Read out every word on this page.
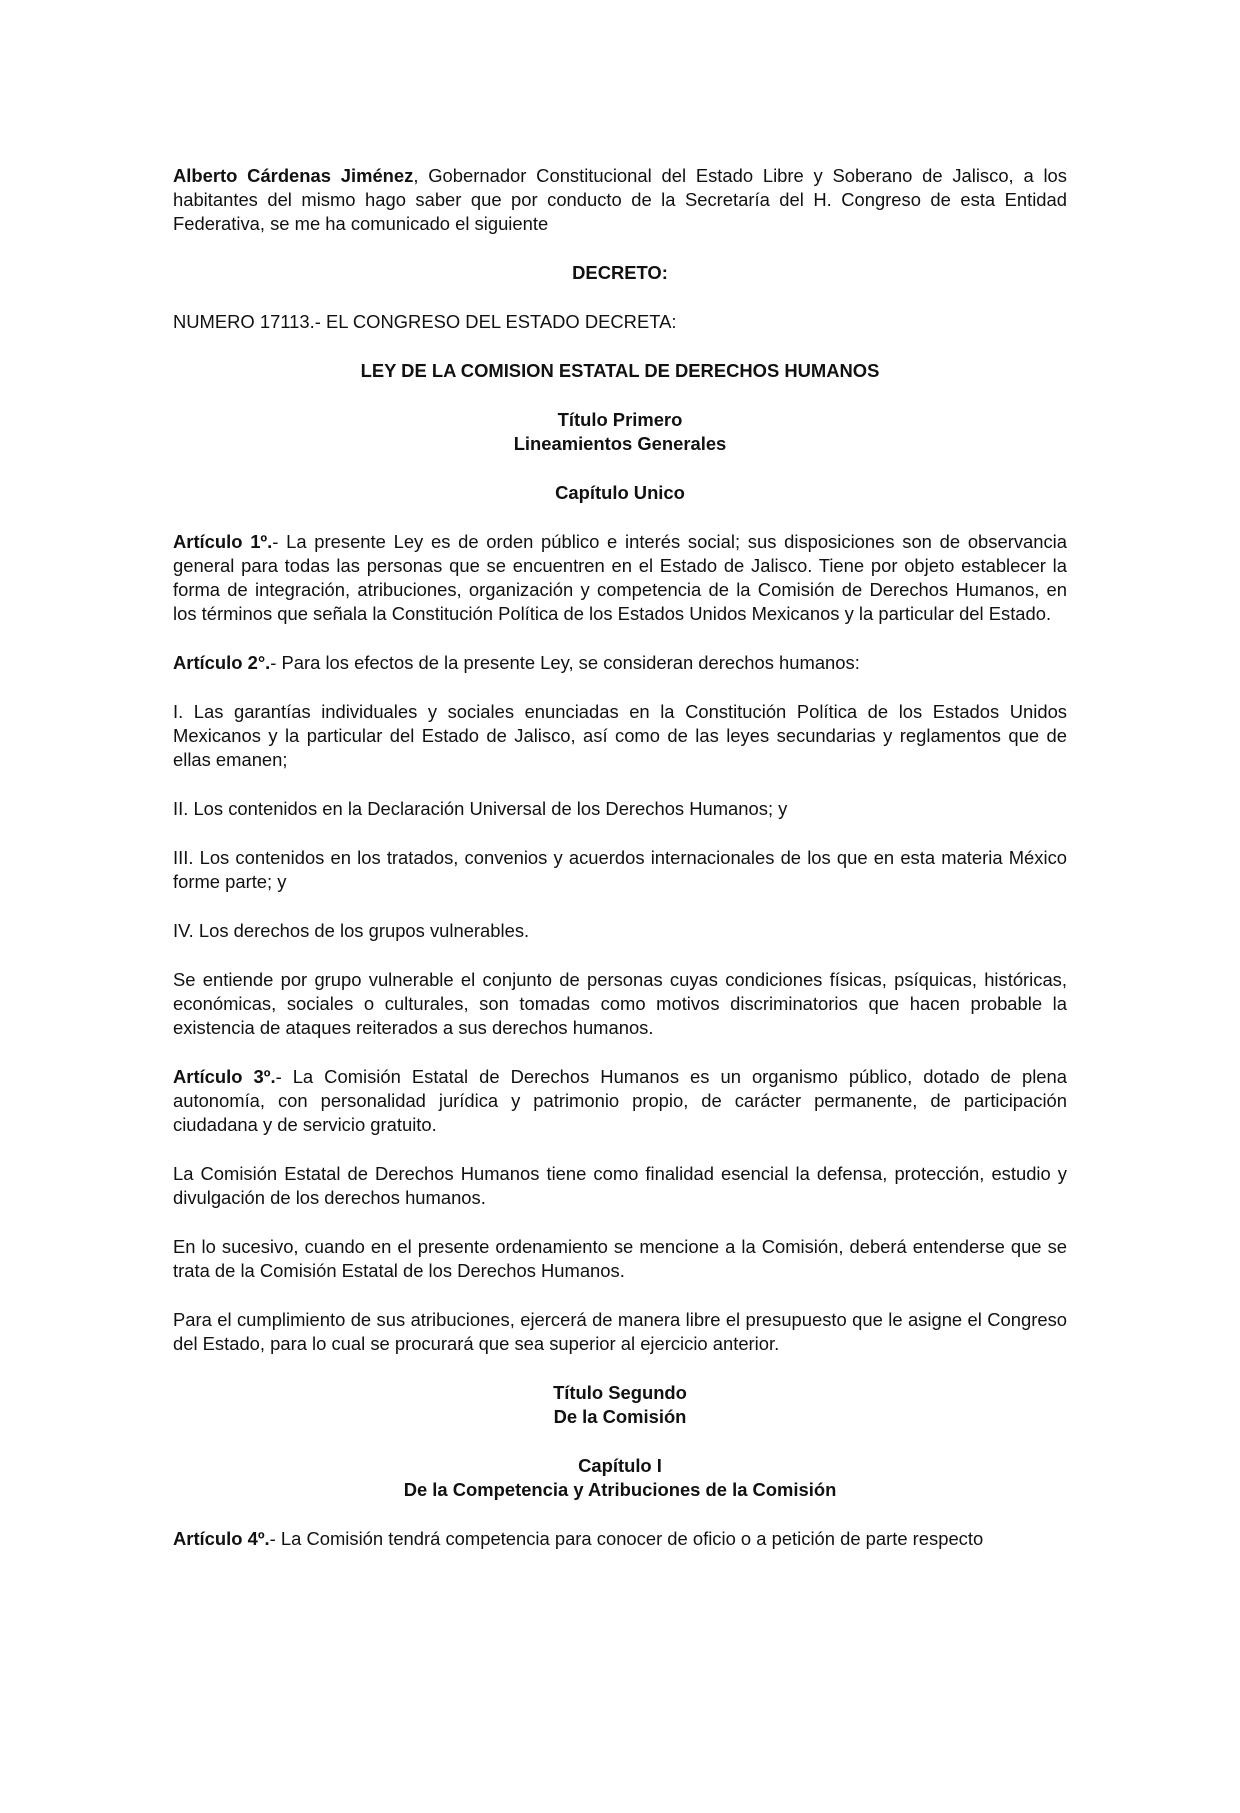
Alberto Cárdenas Jiménez, Gobernador Constitucional del Estado Libre y Soberano de Jalisco, a los habitantes del mismo hago saber que por conducto de la Secretaría del H. Congreso de esta Entidad Federativa, se me ha comunicado el siguiente

DECRETO:

NUMERO 17113.- EL CONGRESO DEL ESTADO DECRETA:

LEY DE LA COMISION ESTATAL DE DERECHOS HUMANOS

Título Primero
Lineamientos Generales

Capítulo Unico

Artículo 1º.- La presente Ley es de orden público e interés social; sus disposiciones son de observancia general para todas las personas que se encuentren en el Estado de Jalisco. Tiene por objeto establecer la forma de integración, atribuciones, organización y competencia de la Comisión de Derechos Humanos, en los términos que señala la Constitución Política de los Estados Unidos Mexicanos y la particular del Estado.

Artículo 2°.- Para los efectos de la presente Ley, se consideran derechos humanos:

I. Las garantías individuales y sociales enunciadas en la Constitución Política de los Estados Unidos Mexicanos y la particular del Estado de Jalisco, así como de las leyes secundarias y reglamentos que de ellas emanen;

II. Los contenidos en la Declaración Universal de los Derechos Humanos; y

III. Los contenidos en los tratados, convenios y acuerdos internacionales de los que en esta materia México forme parte; y

IV. Los derechos de los grupos vulnerables.

Se entiende por grupo vulnerable el conjunto de personas cuyas condiciones físicas, psíquicas, históricas, económicas, sociales o culturales, son tomadas como motivos discriminatorios que hacen probable la existencia de ataques reiterados a sus derechos humanos.

Artículo 3º.- La Comisión Estatal de Derechos Humanos es un organismo público, dotado de plena autonomía, con personalidad jurídica y patrimonio propio, de carácter permanente, de participación ciudadana y de servicio gratuito.

La Comisión Estatal de Derechos Humanos tiene como finalidad esencial la defensa, protección, estudio y divulgación de los derechos humanos.

En lo sucesivo, cuando en el presente ordenamiento se mencione a la Comisión, deberá entenderse que se trata de la Comisión Estatal de los Derechos Humanos.

Para el cumplimiento de sus atribuciones, ejercerá de manera libre el presupuesto que le asigne el Congreso del Estado, para lo cual se procurará que sea superior al ejercicio anterior.

Título Segundo
De la Comisión
Capítulo I
De la Competencia y Atribuciones de la Comisión

Artículo 4º.- La Comisión tendrá competencia para conocer de oficio o a petición de parte respecto
